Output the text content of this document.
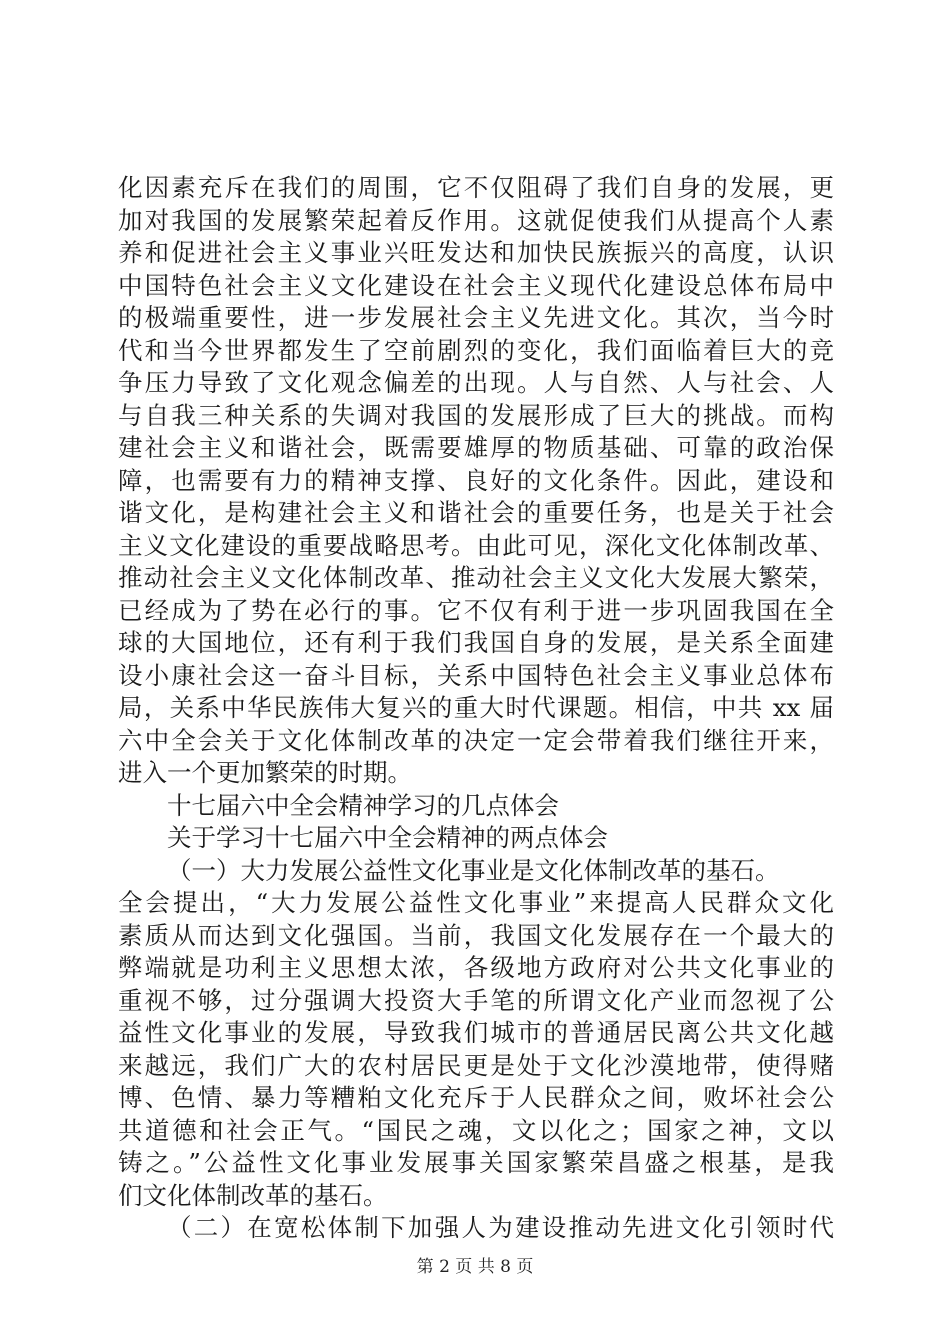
化因素充斥在我们的周围，它不仅阻碍了我们自身的发展，更
加对我国的发展繁荣起着反作用。这就促使我们从提高个人素
养和促进社会主义事业兴旺发达和加快民族振兴的高度，认识
中国特色社会主义文化建设在社会主义现代化建设总体布局中
的极端重要性，进一步发展社会主义先进文化。其次，当今时
代和当今世界都发生了空前剧烈的变化，我们面临着巨大的竞
争压力导致了文化观念偏差的出现。人与自然、人与社会、人
与自我三种关系的失调对我国的发展形成了巨大的挑战。而构
建社会主义和谐社会，既需要雄厚的物质基础、可靠的政治保
障，也需要有力的精神支撑、良好的文化条件。因此，建设和
谐文化，是构建社会主义和谐社会的重要任务，也是关于社会
主义文化建设的重要战略思考。由此可见，深化文化体制改革、
推动社会主义文化体制改革、推动社会主义文化大发展大繁荣，
已经成为了势在必行的事。它不仅有利于进一步巩固我国在全
球的大国地位，还有利于我们我国自身的发展，是关系全面建
设小康社会这一奋斗目标，关系中国特色社会主义事业总体布
局，关系中华民族伟大复兴的重大时代课题。相信，中共 xx 届
六中全会关于文化体制改革的决定一定会带着我们继往开来，
进入一个更加繁荣的时期。
十七届六中全会精神学习的几点体会
关于学习十七届六中全会精神的两点体会
（一）大力发展公益性文化事业是文化体制改革的基石。
全会提出，“大力发展公益性文化事业”来提高人民群众文化
素质从而达到文化强国。当前，我国文化发展存在一个最大的
弊端就是功利主义思想太浓，各级地方政府对公共文化事业的
重视不够，过分强调大投资大手笔的所谓文化产业而忽视了公
益性文化事业的发展，导致我们城市的普通居民离公共文化越
来越远，我们广大的农村居民更是处于文化沙漠地带，使得赌
博、色情、暴力等糟粕文化充斥于人民群众之间，败坏社会公
共道德和社会正气。“国民之魂，文以化之；国家之神，文以
铸之。”公益性文化事业发展事关国家繁荣昌盛之根基，是我
们文化体制改革的基石。
（二）在宽松体制下加强人为建设推动先进文化引领时代
第 2 页 共 8 页
